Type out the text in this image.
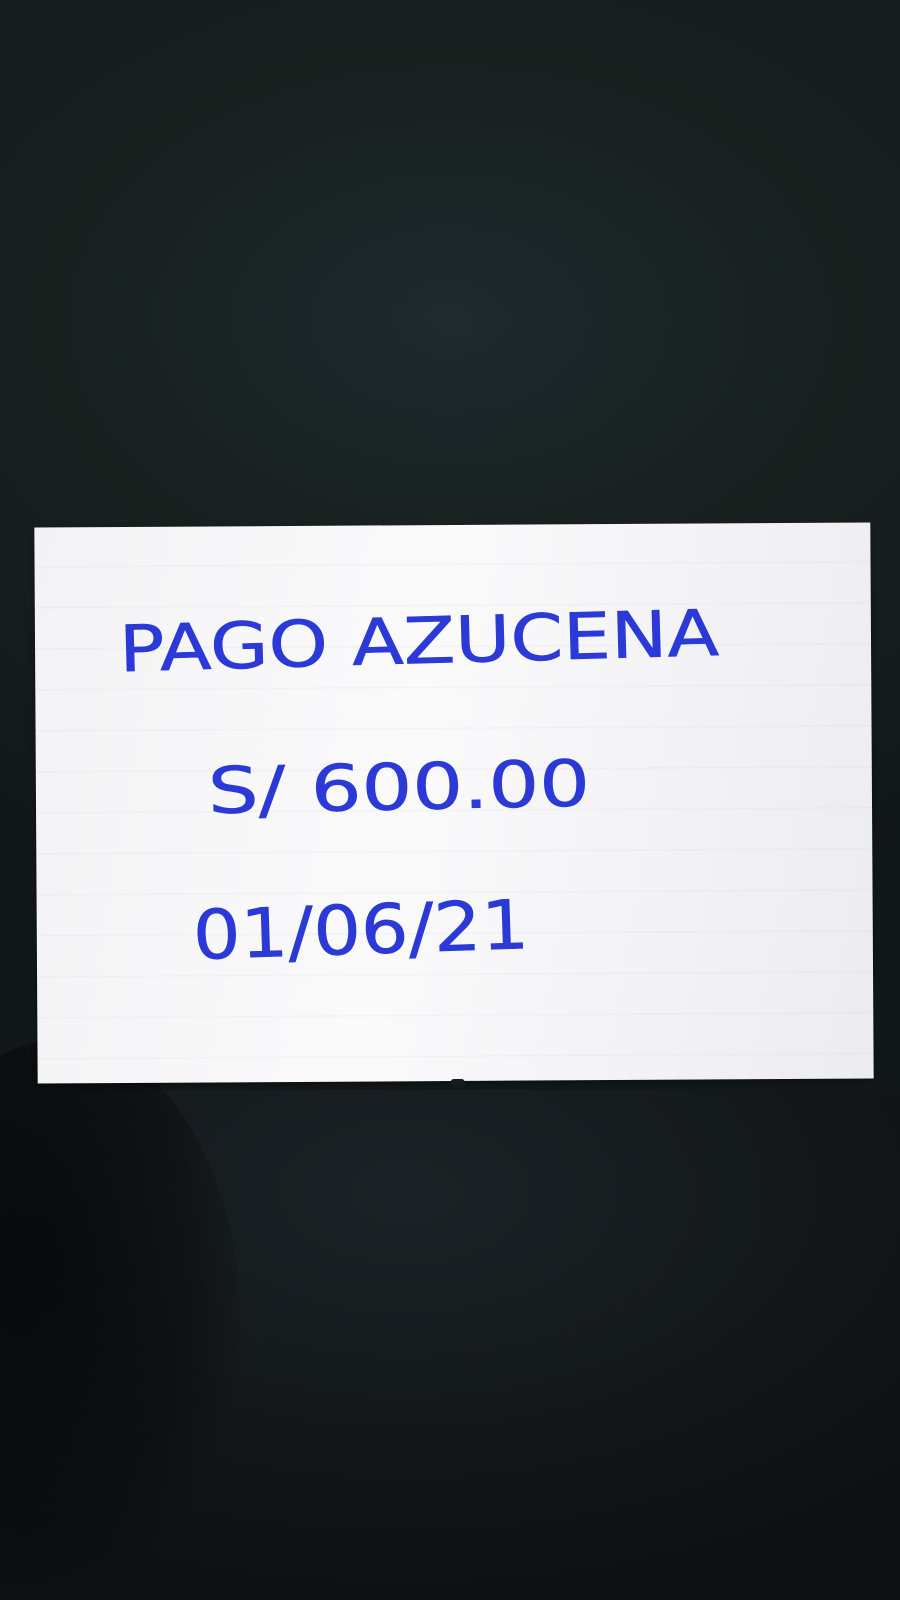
PAGO AZUCENA
S/ 600.00
01/06/21
